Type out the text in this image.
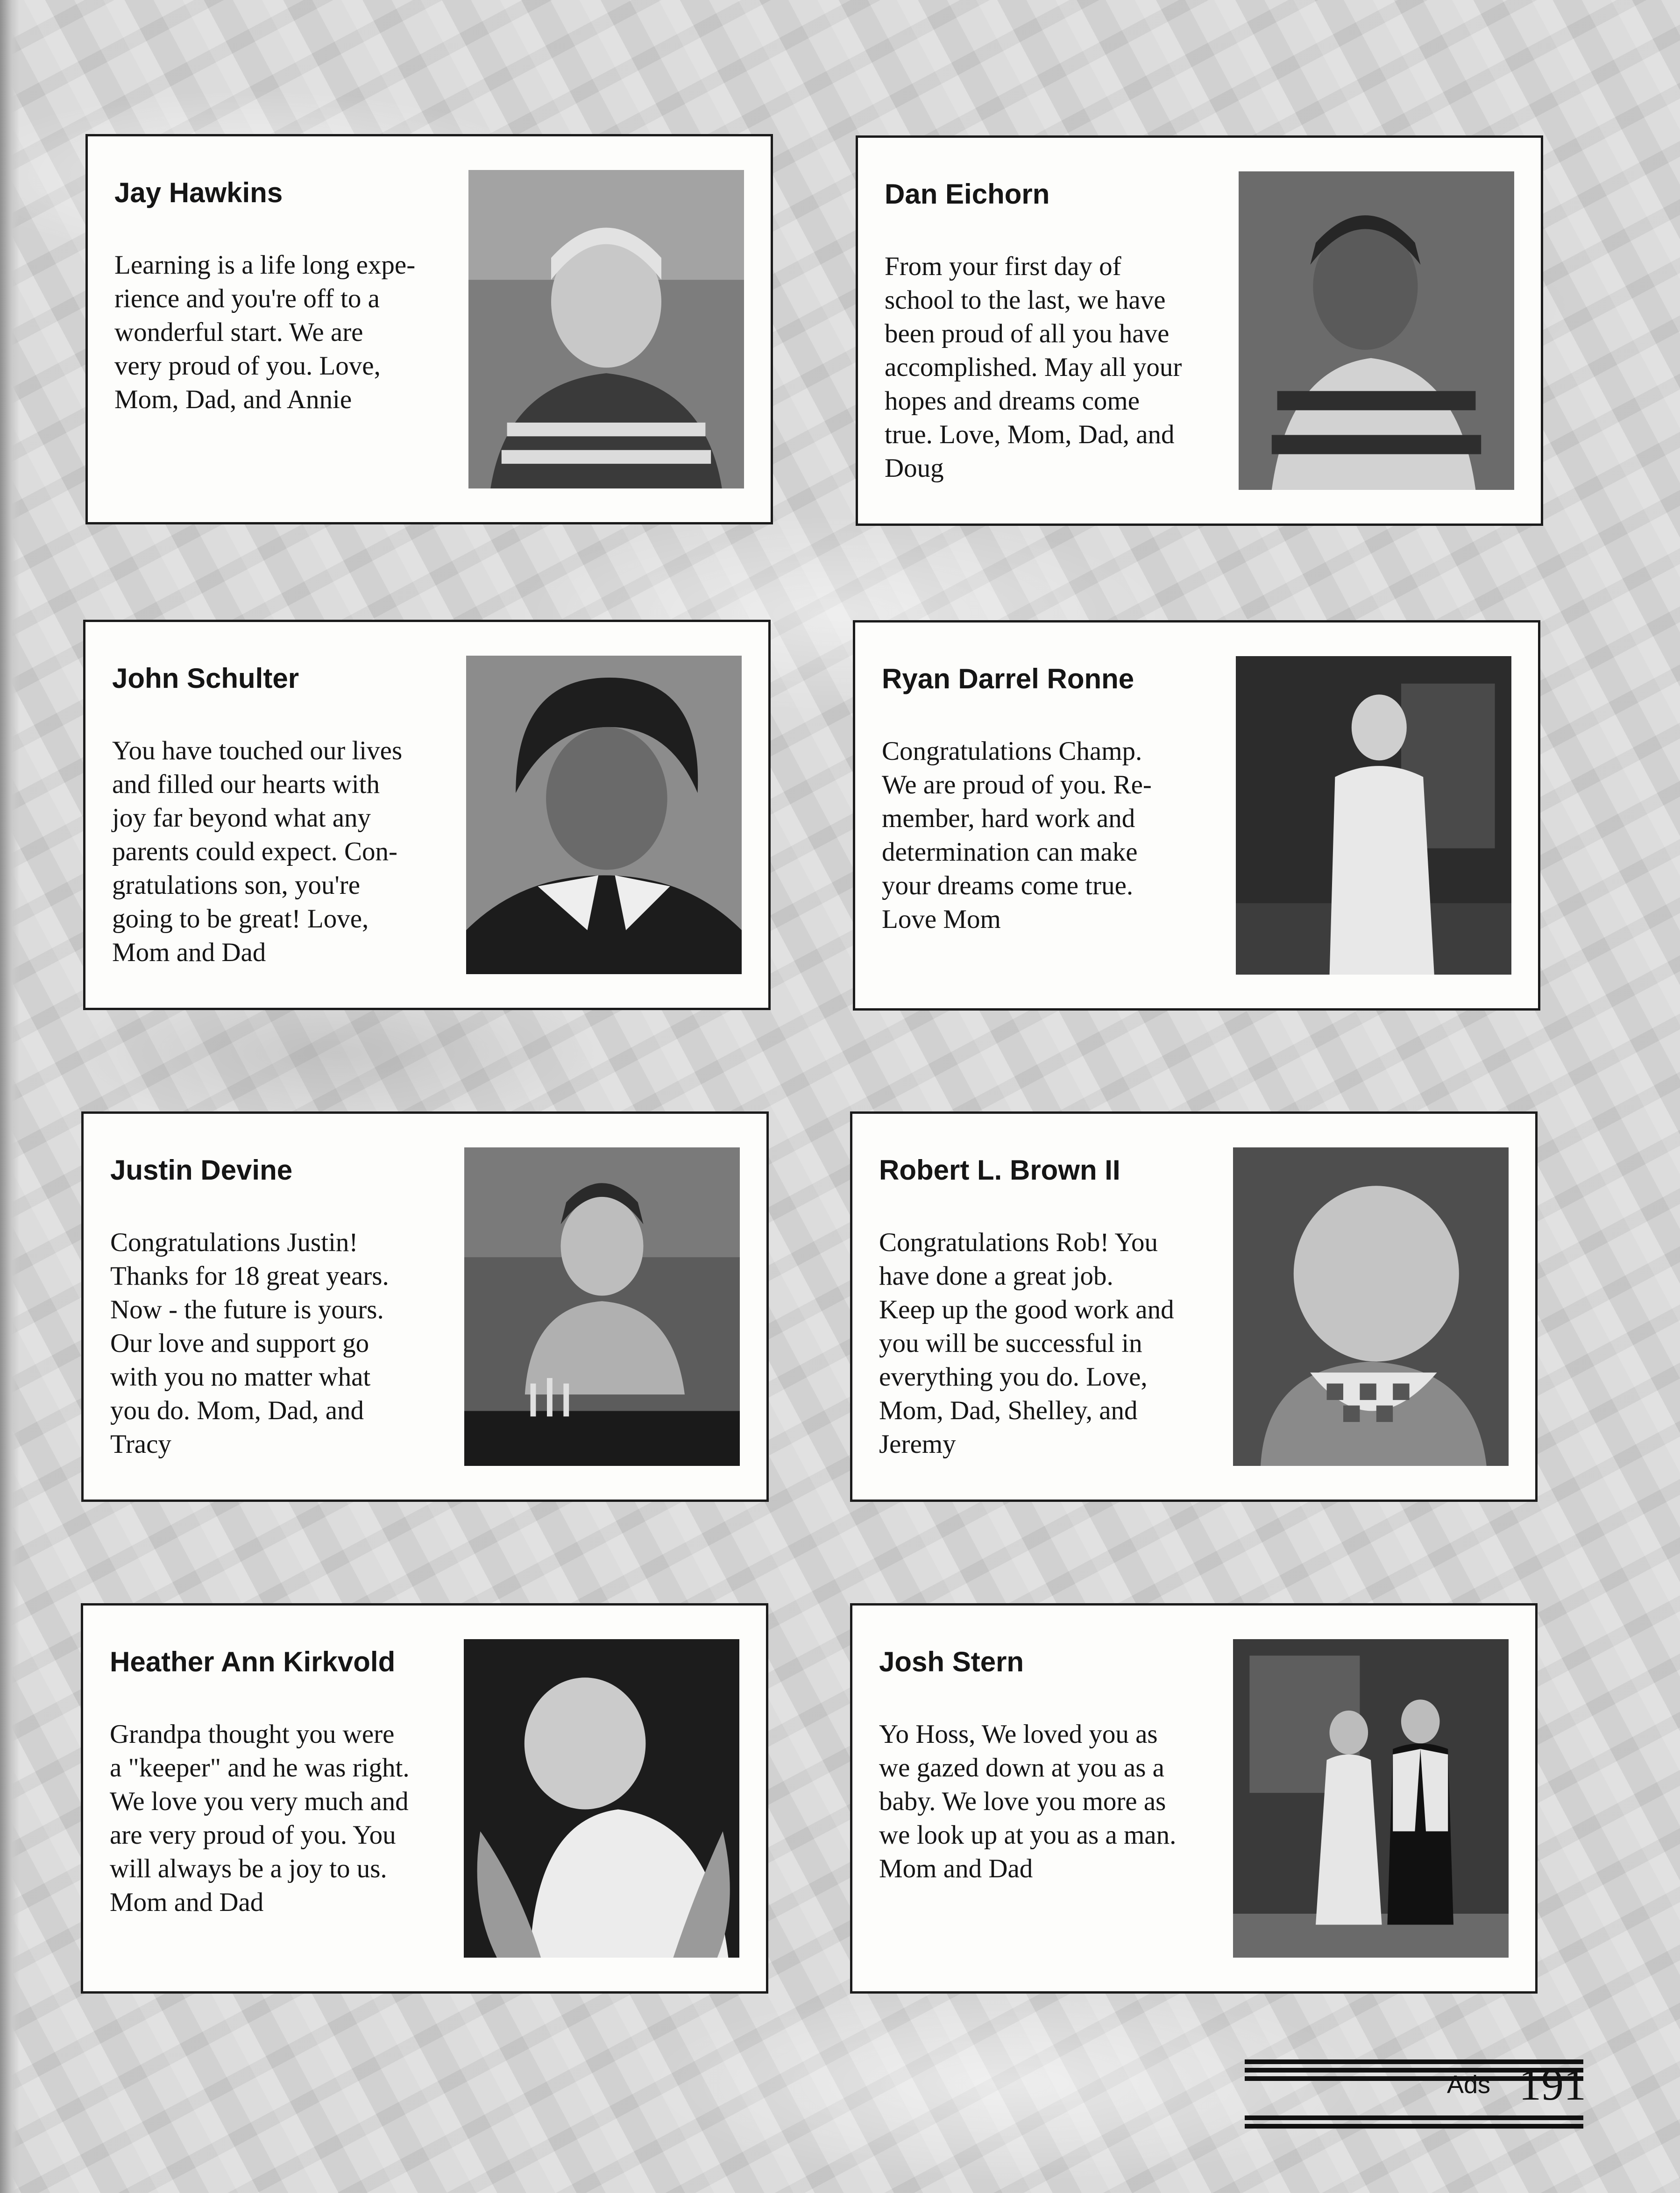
Jay Hawkins
Learning is a life long expe-
rience and you're off to a
wonderful start. We are
very proud of you. Love,
Mom, Dad, and Annie
Dan Eichorn
From your first day of
school to the last, we have
been proud of all you have
accomplished. May all your
hopes and dreams come
true. Love, Mom, Dad, and
Doug
John Schulter
You have touched our lives
and filled our hearts with
joy far beyond what any
parents could expect. Con-
gratulations son, you're
going to be great! Love,
Mom and Dad
Ryan Darrel Ronne
Congratulations Champ.
We are proud of you. Re-
member, hard work and
determination can make
your dreams come true.
Love Mom
Justin Devine
Congratulations Justin!
Thanks for 18 great years.
Now - the future is yours.
Our love and support go
with you no matter what
you do. Mom, Dad, and
Tracy
Robert L. Brown II
Congratulations Rob! You
have done a great job.
Keep up the good work and
you will be successful in
everything you do. Love,
Mom, Dad, Shelley, and
Jeremy
Heather Ann Kirkvold
Grandpa thought you were
a "keeper" and he was right.
We love you very much and
are very proud of you. You
will always be a joy to us.
Mom and Dad
Josh Stern
Yo Hoss, We loved you as
we gazed down at you as a
baby. We love you more as
we look up at you as a man.
Mom and Dad
Ads 191
